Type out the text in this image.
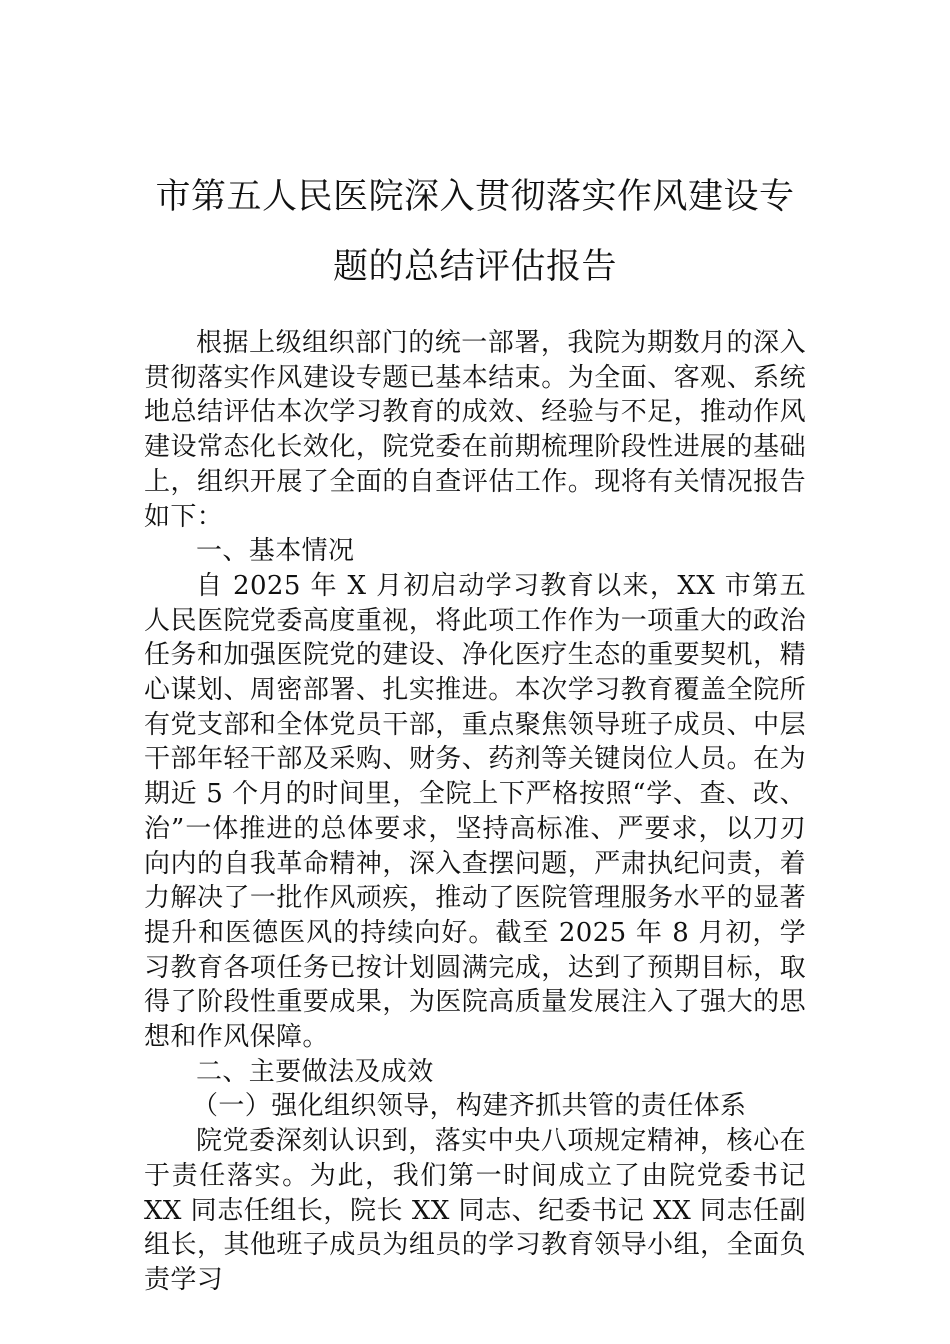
市第五人民医院深入贯彻落实作风建设专
题的总结评估报告

根据上级组织部门的统一部署，我院为期数月的深入贯彻落实作风建设专题已基本结束。为全面、客观、系统地总结评估本次学习教育的成效、经验与不足，推动作风建设常态化长效化，院党委在前期梳理阶段性进展的基础上，组织开展了全面的自查评估工作。现将有关情况报告如下：

一、基本情况

自 2025 年 X 月初启动学习教育以来，XX 市第五人民医院党委高度重视，将此项工作作为一项重大的政治任务和加强医院党的建设、净化医疗生态的重要契机，精心谋划、周密部署、扎实推进。本次学习教育覆盖全院所有党支部和全体党员干部，重点聚焦领导班子成员、中层干部年轻干部及采购、财务、药剂等关键岗位人员。在为期近 5 个月的时间里，全院上下严格按照“学、查、改、治”一体推进的总体要求，坚持高标准、严要求，以刀刃向内的自我革命精神，深入查摆问题，严肃执纪问责，着力解决了一批作风顽疾，推动了医院管理服务水平的显著提升和医德医风的持续向好。截至 2025 年 8 月初，学习教育各项任务已按计划圆满完成，达到了预期目标，取得了阶段性重要成果，为医院高质量发展注入了强大的思想和作风保障。

二、主要做法及成效

（一）强化组织领导，构建齐抓共管的责任体系

院党委深刻认识到，落实中央八项规定精神，核心在于责任落实。为此，我们第一时间成立了由院党委书记 XX 同志任组长，院长 XX 同志、纪委书记 XX 同志任副组长，其他班子成员为组员的学习教育领导小组，全面负责学习
